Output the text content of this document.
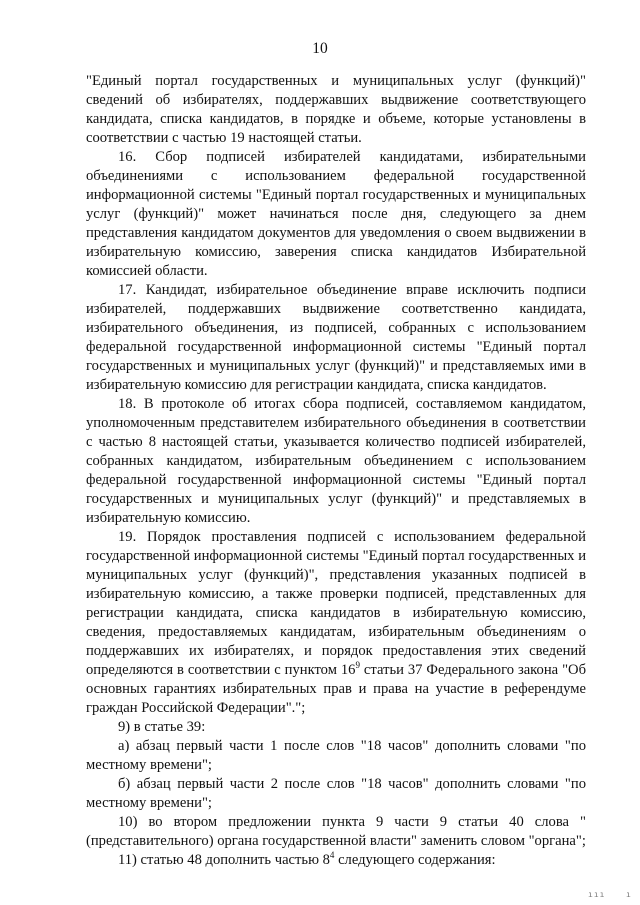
10

"Единый портал государственных и муниципальных услуг (функций)" сведений об избирателях, поддержавших выдвижение соответствующего кандидата, списка кандидатов, в порядке и объеме, которые установлены в соответствии с частью 19 настоящей статьи.

16. Сбор подписей избирателей кандидатами, избирательными объединениями с использованием федеральной государственной информационной системы "Единый портал государственных и муниципальных услуг (функций)" может начинаться после дня, следующего за днем представления кандидатом документов для уведомления о своем выдвижении в избирательную комиссию, заверения списка кандидатов Избирательной комиссией области.

17. Кандидат, избирательное объединение вправе исключить подписи избирателей, поддержавших выдвижение соответственно кандидата, избирательного объединения, из подписей, собранных с использованием федеральной государственной информационной системы "Единый портал государственных и муниципальных услуг (функций)" и представляемых ими в избирательную комиссию для регистрации кандидата, списка кандидатов.

18. В протоколе об итогах сбора подписей, составляемом кандидатом, уполномоченным представителем избирательного объединения в соответствии с частью 8 настоящей статьи, указывается количество подписей избирателей, собранных кандидатом, избирательным объединением с использованием федеральной государственной информационной системы "Единый портал государственных и муниципальных услуг (функций)" и представляемых в избирательную комиссию.

19. Порядок проставления подписей с использованием федеральной государственной информационной системы "Единый портал государственных и муниципальных услуг (функций)", представления указанных подписей в избирательную комиссию, а также проверки подписей, представленных для регистрации кандидата, списка кандидатов в избирательную комиссию, сведения, предоставляемых кандидатам, избирательным объединениям о поддержавших их избирателях, и порядок предоставления этих сведений определяются в соответствии с пунктом $16^9$ статьи 37 Федерального закона "Об основных гарантиях избирательных прав и права на участие в референдуме граждан Российской Федерации".";

9) в статье 39:

а) абзац первый части 1 после слов "18 часов" дополнить словами "по местному времени";

б) абзац первый части 2 после слов "18 часов" дополнить словами "по местному времени";

10) во втором предложении пункта 9 части 9 статьи 40 слова "(представительного) органа государственной власти" заменить словом "органа";

11) статью 48 дополнить частью $8^4$ следующего содержания:

ııı	ı
